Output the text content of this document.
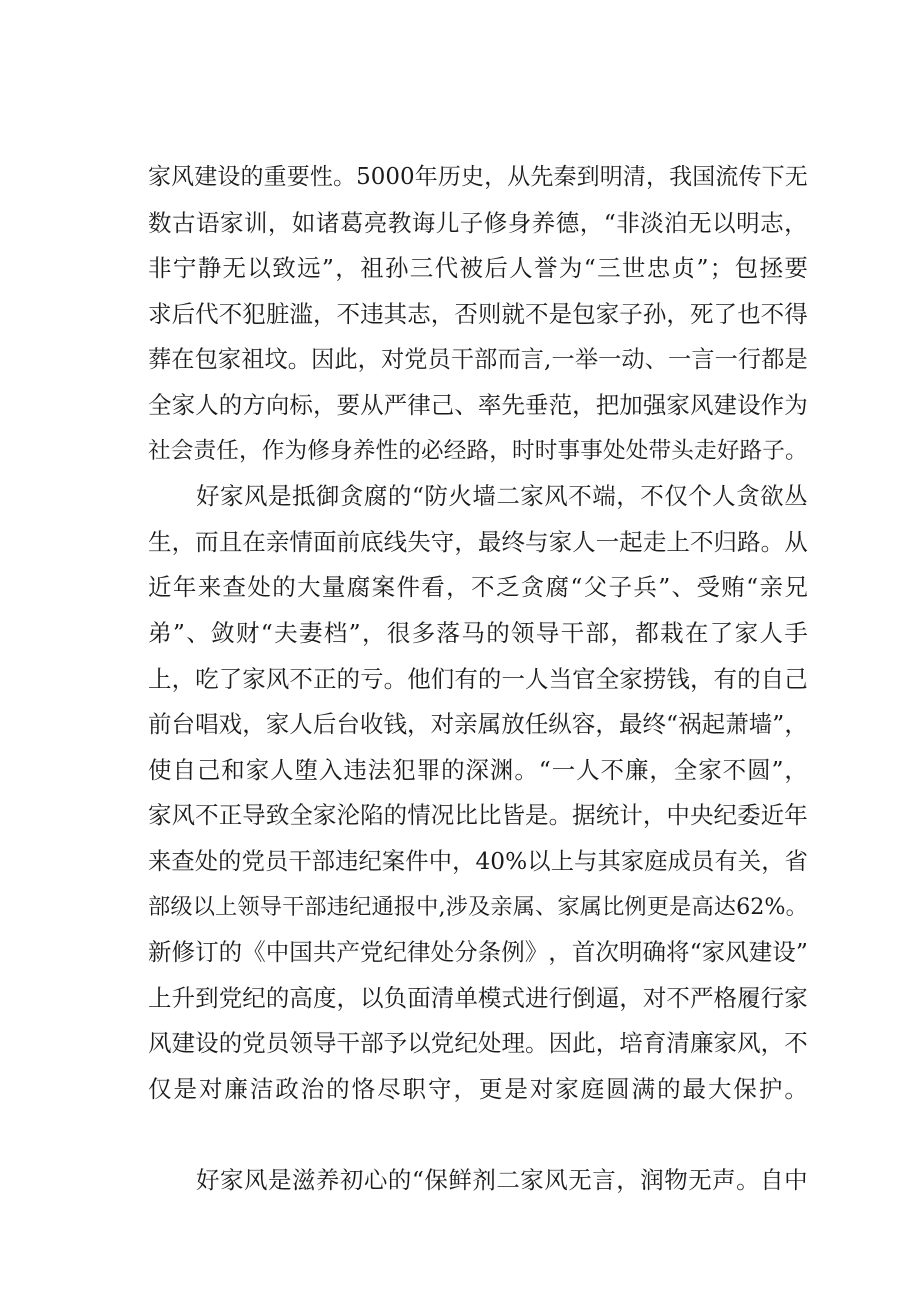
家 风 建 设 的 重 要 性 。 5000 年 历 史 ， 从 先 秦 到 明 清 ， 我 国 流 传 下 无
数 古 语 家 训 ， 如 诸 葛 亮 教 诲 儿 子 修 身 养 德 ， “ 非 淡 泊 无 以 明 志 ，
非 宁 静 无 以 致 远 ” ， 祖 孙 三 代 被 后 人 誉 为 “ 三 世 忠 贞 ” ； 包 拯 要
求 后 代 不 犯 脏 滥 ， 不 违 其 志 ， 否 则 就 不 是 包 家 子 孙 ， 死 了 也 不 得
葬 在 包 家 祖 坟 。 因 此 ， 对 党 员 干 部 而 言 , 一 举 一 动 、 一 言 一 行 都 是
全 家 人 的 方 向 标 ， 要 从 严 律 己 、 率 先 垂 范 ， 把 加 强 家 风 建 设 作 为
社 会 责 任 ， 作 为 修 身 养 性 的 必 经 路 ， 时 时 事 事 处 处 带 头 走 好 路 子 。
好 家 风 是 抵 御 贪 腐 的 “ 防 火 墙 二 家 风 不 端 ， 不 仅 个 人 贪 欲 丛
生 ， 而 且 在 亲 情 面 前 底 线 失 守 ， 最 终 与 家 人 一 起 走 上 不 归 路 。 从
近 年 来 查 处 的 大 量 腐 案 件 看 ， 不 乏 贪 腐 “ 父 子 兵 ” 、 受 贿 “ 亲 兄
弟 ” 、 敛 财 “ 夫 妻 档 ” ， 很 多 落 马 的 领 导 干 部 ， 都 栽 在 了 家 人 手
上 ， 吃 了 家 风 不 正 的 亏 。 他 们 有 的 一 人 当 官 全 家 捞 钱 ， 有 的 自 己
前 台 唱 戏 ， 家 人 后 台 收 钱 ， 对 亲 属 放 任 纵 容 ， 最 终 “ 祸 起 萧 墙 ” ，
使 自 己 和 家 人 堕 入 违 法 犯 罪 的 深 渊 。 “ 一 人 不 廉 ， 全 家 不 圆 ” ，
家 风 不 正 导 致 全 家 沦 陷 的 情 况 比 比 皆 是 。 据 统 计 ， 中 央 纪 委 近 年
来 查 处 的 党 员 干 部 违 纪 案 件 中 ， 40% 以 上 与 其 家 庭 成 员 有 关 ， 省
部 级 以 上 领 导 干 部 违 纪 通 报 中 , 涉 及 亲 属 、 家 属 比 例 更 是 高 达 62% 。
新 修 订 的 《 中 国 共 产 党 纪 律 处 分 条 例 》 ， 首 次 明 确 将 “ 家 风 建 设 ”
上 升 到 党 纪 的 高 度 ， 以 负 面 清 单 模 式 进 行 倒 逼 ， 对 不 严 格 履 行 家
风 建 设 的 党 员 领 导 干 部 予 以 党 纪 处 理 。 因 此 ， 培 育 清 廉 家 风 ， 不
仅 是 对 廉 洁 政 治 的 恪 尽 职 守 ， 更 是 对 家 庭 圆 满 的 最 大 保 护 。
好 家 风 是 滋 养 初 心 的 “ 保 鲜 剂 二 家 风 无 言 ， 润 物 无 声 。 自 中
